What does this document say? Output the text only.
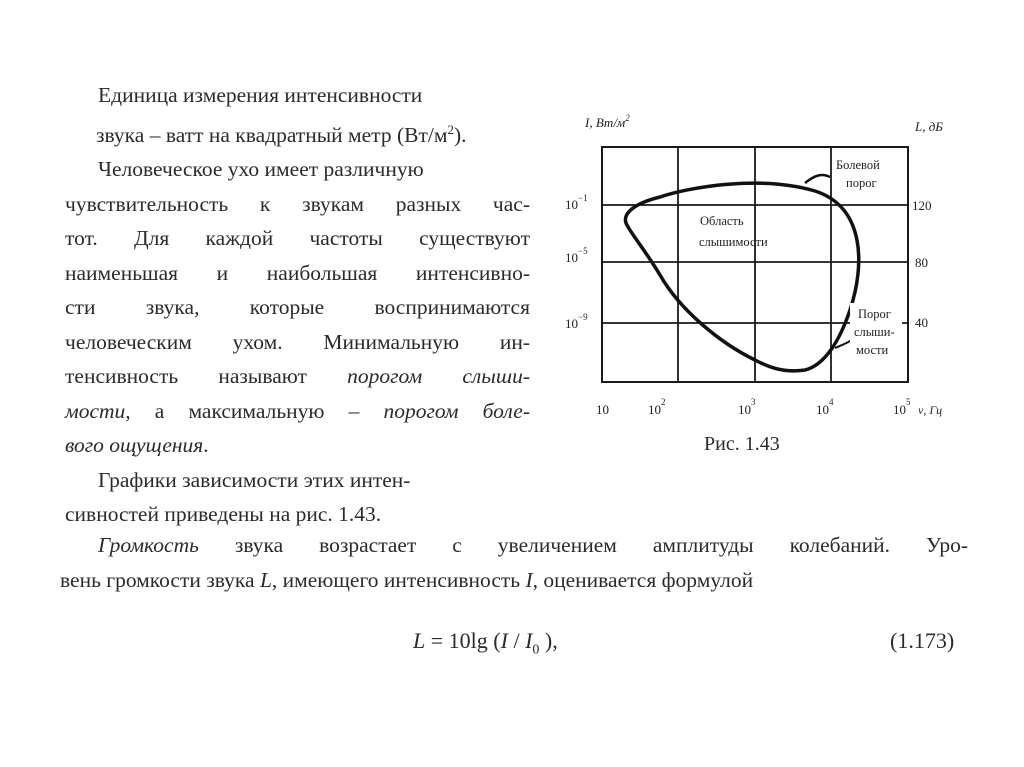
Единица измерения интенсивности
звука – ватт на квадратный метр $(Вт/м^2)$.
Человеческое ухо имеет различную
чувствительность к звукам разных час-
тот. Для каждой частоты существуют
наименьшая и наибольшая интенсивно-
сти звука, которые воспринимаются
человеческим ухом. Минимальную ин-
тенсивность называют порогом слыши-
мости, а максимальную – порогом боле-
вого ощущения.
Графики зависимости этих интен-
сивностей приведены на рис. 1.43.
Громкость звука возрастает с увеличением амплитуды колебаний. Уро-
вень громкости звука L, имеющего интенсивность I, оценивается формулой
L = 10lg ($I / I_0$ ),	(1.173)
I, $Вт/м^2$
L, дБ
Болевой
порог
Область
слышимости
Порог
слыши-
мости
$10^{-1}$
$10^{-5}$
$10^{-9}$
120
80
40
10	$10^2$	$10^3$	$10^4$	$10^5$
ν, Гц
Рис. 1.43
